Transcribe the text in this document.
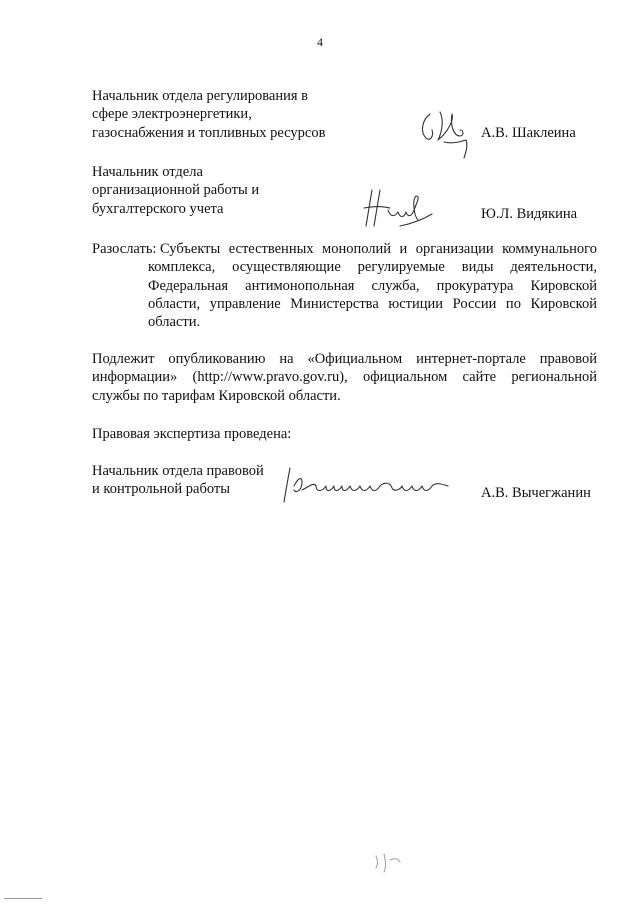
4
Начальник отдела регулирования в
сфере электроэнергетики,
газоснабжения и топливных ресурсов	А.В. Шаклеина
Начальник отдела
организационной работы и
бухгалтерского учета	Ю.Л. Видякина
Разослать: Субъекты естественных монополий и организации коммунального
комплекса, осуществляющие регулируемые виды деятельности,
Федеральная антимонопольная служба, прокуратура Кировской
области, управление Министерства юстиции России по Кировской
области.
Подлежит опубликованию на «Официальном интернет-портале правовой
информации» (http://www.pravo.gov.ru), официальном сайте региональной
службы по тарифам Кировской области.
Правовая экспертиза проведена:
Начальник отдела правовой
и контрольной работы	А.В. Вычегжанин
